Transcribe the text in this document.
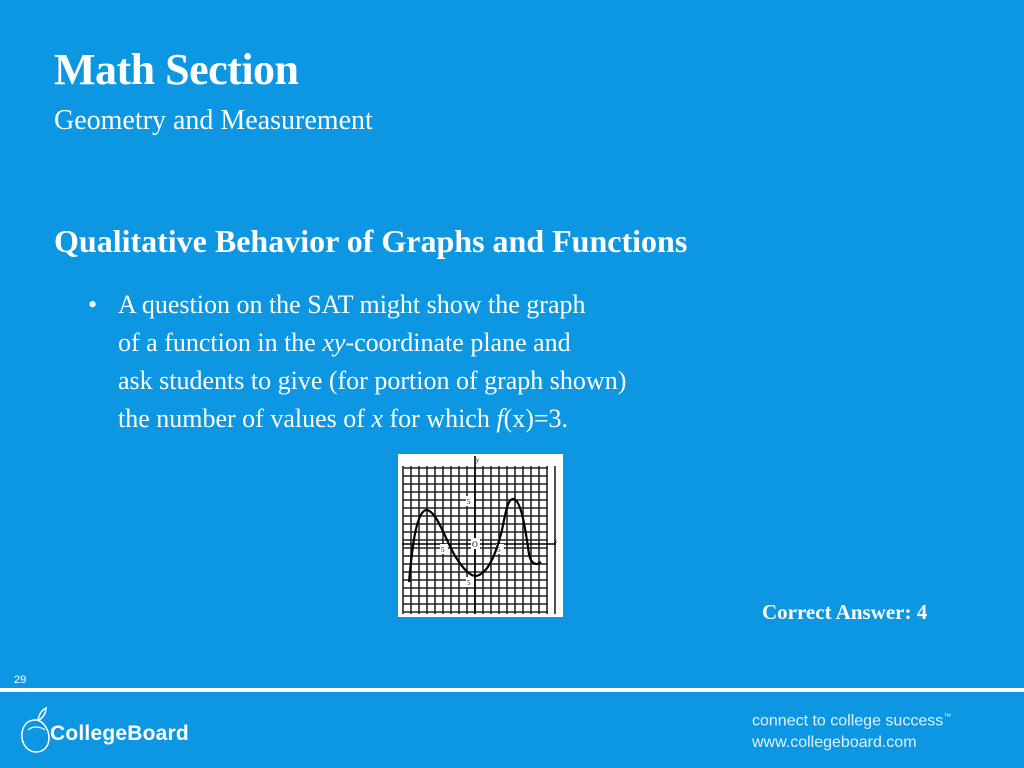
Math Section
Geometry and Measurement
Qualitative Behavior of Graphs and Functions
• A question on the SAT might show the graph
of a function in the xy-coordinate plane and
ask students to give (for portion of graph shown)
the number of values of x for which f(x)=3.
y
x
O
5	5
5
5
Correct Answer: 4
29
CollegeBoard
connect to college success™
www.collegeboard.com
